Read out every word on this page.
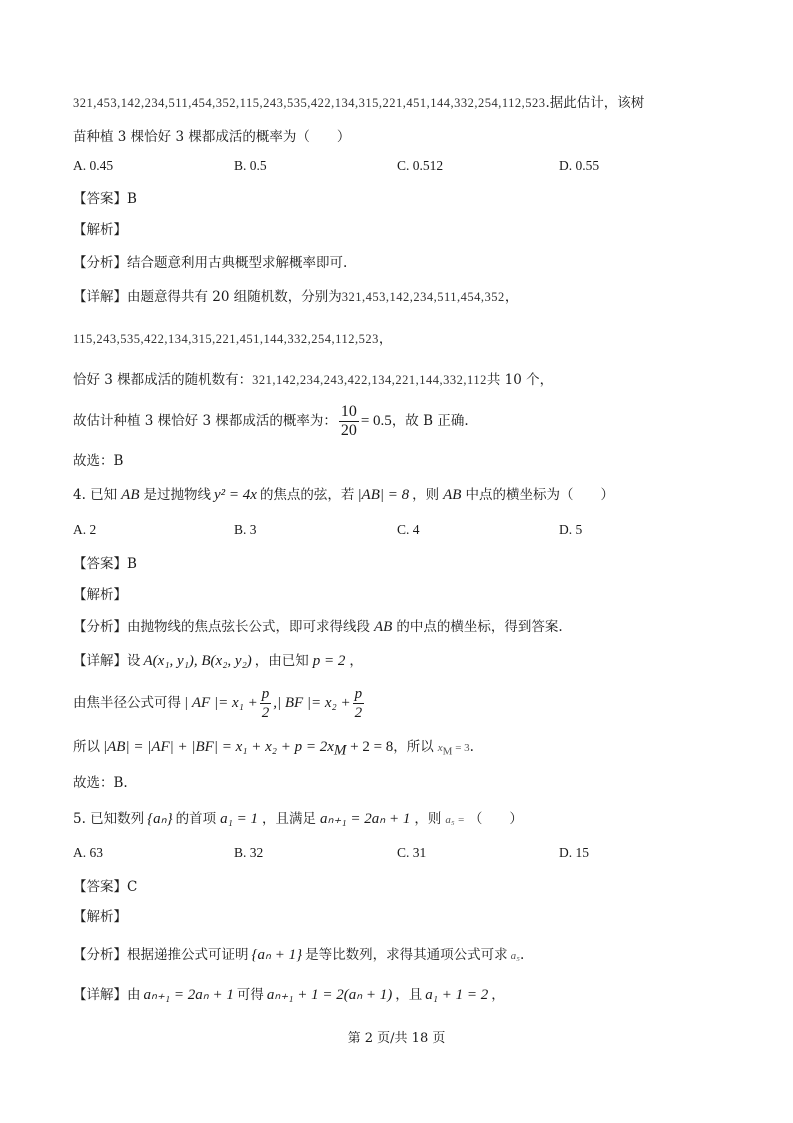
321,453,142,234,511,454,352,115,243,535,422,134,315,221,451,144,332,254,112,523.据此估计，该树
苗种植 3 棵恰好 3 棵都成活的概率为（　　）
A. 0.45	B. 0.5	C. 0.512	D. 0.55
【答案】B
【解析】
【分析】结合题意利用古典概型求解概率即可.
【详解】由题意得共有 20 组随机数，分别为321,453,142,234,511,454,352，
115,243,535,422,134,315,221,451,144,332,254,112,523，
恰好 3 棵都成活的随机数有：321,142,234,243,422,134,221,144,332,112共 10 个，
故估计种植 3 棵恰好 3 棵都成活的概率为： $\frac{10}{20} = 0.5$，故 B 正确.
故选：B
4. 已知 AB 是过抛物线 y² = 4x 的焦点的弦，若 |AB| = 8 ，则 AB 中点的横坐标为（　　）
A. 2	B. 3	C. 4	D. 5
【答案】B
【解析】
【分析】由抛物线的焦点弦长公式，即可求得线段 AB 的中点的横坐标，得到答案.
【详解】设 A(x₁, y₁), B(x₂, y₂) ，由已知 p = 2 ，
由焦半径公式可得 | AF |= $x_1 + \frac{p}{2}$ ,| BF |= $x_2 + \frac{p}{2}$
所以 $|AB| = |AF| + |BF| = x_1 + x_2 + p = 2x_M + 2 = 8$，所以 $x_M = 3$.
故选：B.
5. 已知数列 {aₙ} 的首项 a₁ = 1 ，且满足 aₙ₊₁ = 2aₙ + 1 ，则 a₅ = （　　）
A. 63	B. 32	C. 31	D. 15
【答案】C
【解析】
【分析】根据递推公式可证明 {aₙ + 1} 是等比数列，求得其通项公式可求 a₅.
【详解】由 aₙ₊₁ = 2aₙ + 1 可得 aₙ₊₁ + 1 = 2(aₙ + 1) ，且 a₁ + 1 = 2 ，
第 2 页/共 18 页
